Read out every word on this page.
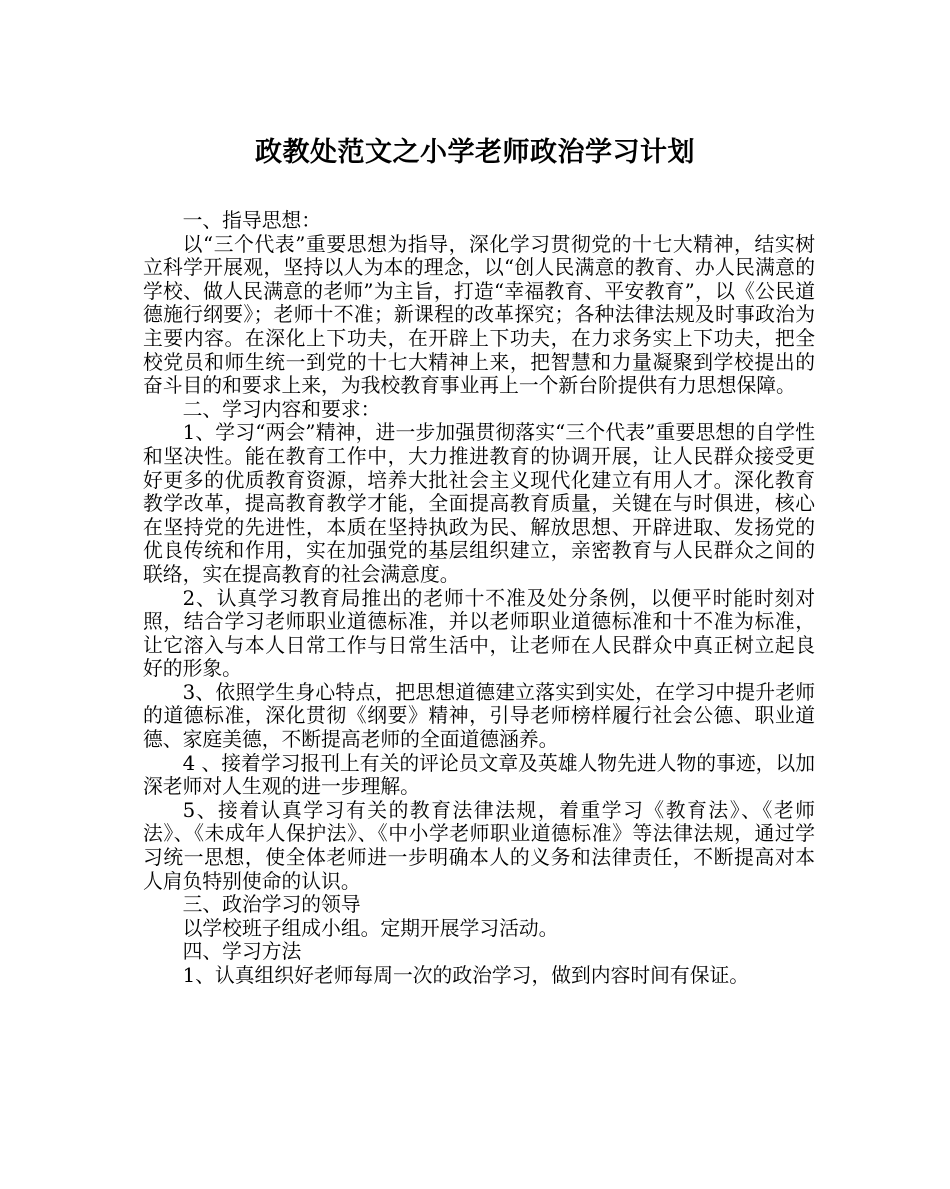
政教处范文之小学老师政治学习计划

一、指导思想：

以“三个代表”重要思想为指导，深化学习贯彻党的十七大精神，结实树立科学开展观，坚持以人为本的理念，以“创人民满意的教育、办人民满意的学校、做人民满意的老师”为主旨，打造“幸福教育、平安教育”，以《公民道德施行纲要》；老师十不准；新课程的改革探究；各种法律法规及时事政治为主要内容。在深化上下功夫，在开辟上下功夫，在力求务实上下功夫，把全校党员和师生统一到党的十七大精神上来，把智慧和力量凝聚到学校提出的奋斗目的和要求上来，为我校教育事业再上一个新台阶提供有力思想保障。

二、学习内容和要求：

1、学习“两会”精神，进一步加强贯彻落实“三个代表”重要思想的自学性和坚决性。能在教育工作中，大力推进教育的协调开展，让人民群众接受更好更多的优质教育资源，培养大批社会主义现代化建立有用人才。深化教育教学改革，提高教育教学才能，全面提高教育质量，关键在与时俱进，核心在坚持党的先进性，本质在坚持执政为民、解放思想、开辟进取、发扬党的优良传统和作用，实在加强党的基层组织建立，亲密教育与人民群众之间的联络，实在提高教育的社会满意度。

2、认真学习教育局推出的老师十不准及处分条例，以便平时能时刻对照，结合学习老师职业道德标准，并以老师职业道德标准和十不准为标准，让它溶入与本人日常工作与日常生活中，让老师在人民群众中真正树立起良好的形象。

3、依照学生身心特点，把思想道德建立落实到实处，在学习中提升老师的道德标准，深化贯彻《纲要》精神，引导老师榜样履行社会公德、职业道德、家庭美德，不断提高老师的全面道德涵养。

4 、接着学习报刊上有关的评论员文章及英雄人物先进人物的事迹，以加深老师对人生观的进一步理解。

5、接着认真学习有关的教育法律法规，着重学习《教育法》、《老师法》、《未成年人保护法》、《中小学老师职业道德标准》等法律法规，通过学习统一思想，使全体老师进一步明确本人的义务和法律责任，不断提高对本人肩负特别使命的认识。

三、政治学习的领导

以学校班子组成小组。定期开展学习活动。

四、学习方法

1、认真组织好老师每周一次的政治学习，做到内容时间有保证。
